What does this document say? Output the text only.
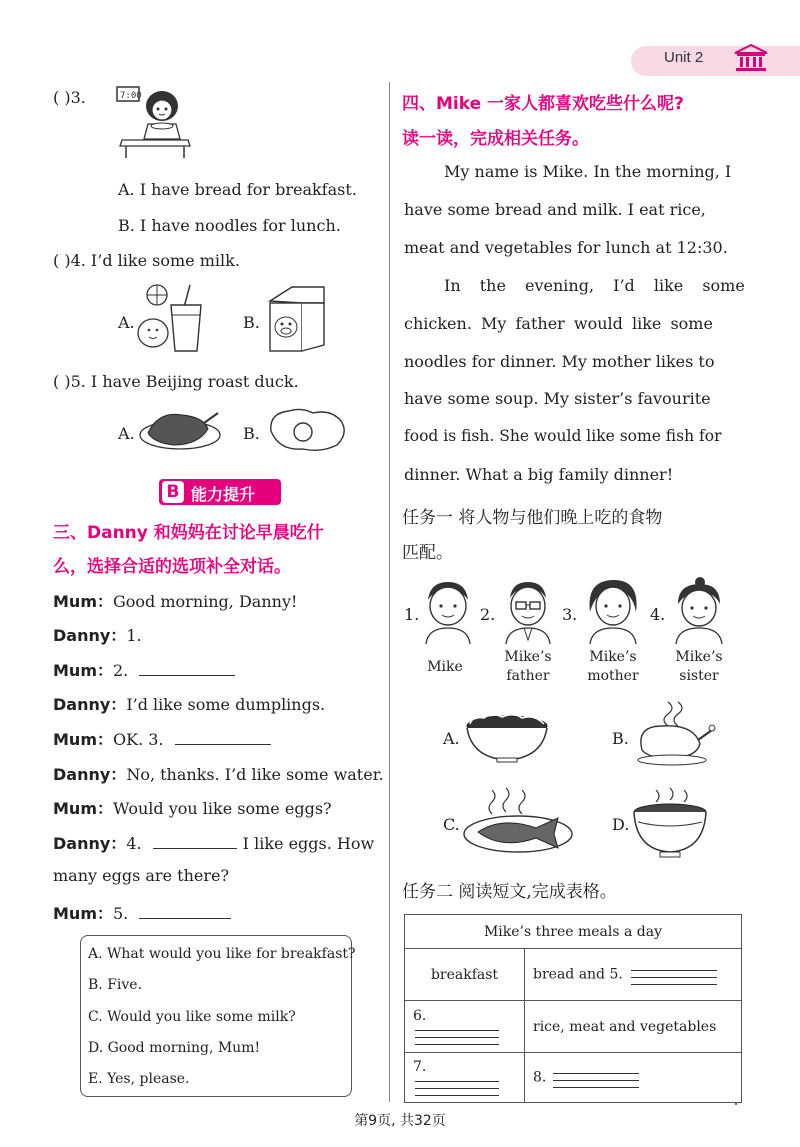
Unit 2
( )3.	7:00
A. I have bread for breakfast.
B. I have noodles for lunch.
( )4. I’d like some milk.
A.	B.
( )5. I have Beijing roast duck.
A.	B.
B 能力提升
三、Danny 和妈妈在讨论早晨吃什
么，选择合适的选项补全对话。
Mum：Good morning, Danny!
Danny：1.
Mum：2.
Danny：I’d like some dumplings.
Mum：OK. 3.
Danny：No, thanks. I’d like some water.
Mum：Would you like some eggs?
Danny：4.	I like eggs. How
many eggs are there?
Mum：5.
A. What would you like for breakfast?
B. Five.
C. Would you like some milk?
D. Good morning, Mum!
E. Yes, please.
四、Mike 一家人都喜欢吃些什么呢?
读一读，完成相关任务。
My name is Mike. In the morning, I
have some bread and milk. I eat rice,
meat and vegetables for lunch at 12:30.
In the evening, I’d like some
chicken. My father would like some
noodles for dinner. My mother likes to
have some soup. My sister’s favourite
food is fish. She would like some fish for
dinner. What a big family dinner!
任务一 将人物与他们晚上吃的食物
匹配。
1.
Mike
2.
Mike’s father
3.
Mike’s mother
4.
Mike’s sister
A.	B.
C.	D.
任务二 阅读短文,完成表格。
Mike’s three meals a day	
breakfast	bread and 5.

6.	rice, meat and vegetables
7.	8.
第9页, 共32页
